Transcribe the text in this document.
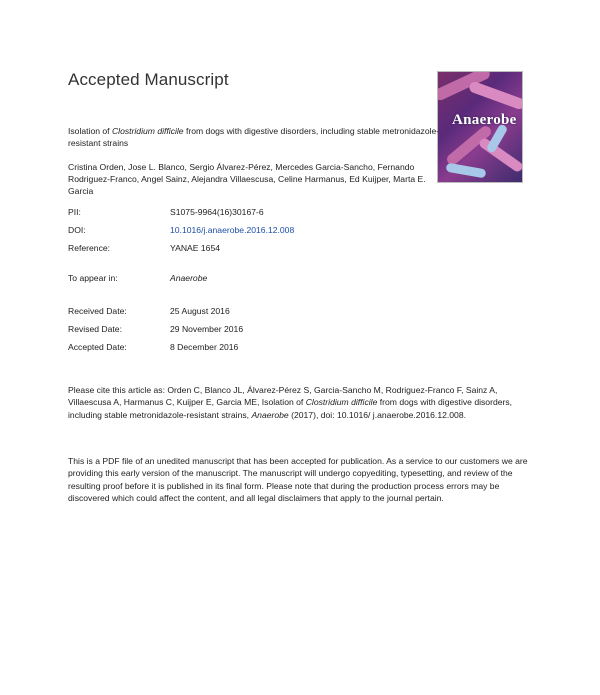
Accepted Manuscript
Anaerobe
Isolation of Clostridium difficile from dogs with digestive disorders, including stable metronidazole-resistant strains
Cristina Orden, Jose L. Blanco, Sergio Álvarez-Pérez, Mercedes Garcia-Sancho, Fernando Rodriguez-Franco, Angel Sainz, Alejandra Villaescusa, Celine Harmanus, Ed Kuijper, Marta E. Garcia
PII:	S1075-9964(16)30167-6
DOI:	10.1016/j.anaerobe.2016.12.008
Reference:	YANAE 1654
To appear in:	Anaerobe
Received Date:	25 August 2016
Revised Date:	29 November 2016
Accepted Date:	8 December 2016
Please cite this article as: Orden C, Blanco JL, Álvarez-Pérez S, Garcia-Sancho M, Rodriguez-Franco F, Sainz A, Villaescusa A, Harmanus C, Kuijper E, Garcia ME, Isolation of Clostridium difficile from dogs with digestive disorders, including stable metronidazole-resistant strains, Anaerobe (2017), doi: 10.1016/ j.anaerobe.2016.12.008.
This is a PDF file of an unedited manuscript that has been accepted for publication. As a service to our customers we are providing this early version of the manuscript. The manuscript will undergo copyediting, typesetting, and review of the resulting proof before it is published in its final form. Please note that during the production process errors may be discovered which could affect the content, and all legal disclaimers that apply to the journal pertain.
